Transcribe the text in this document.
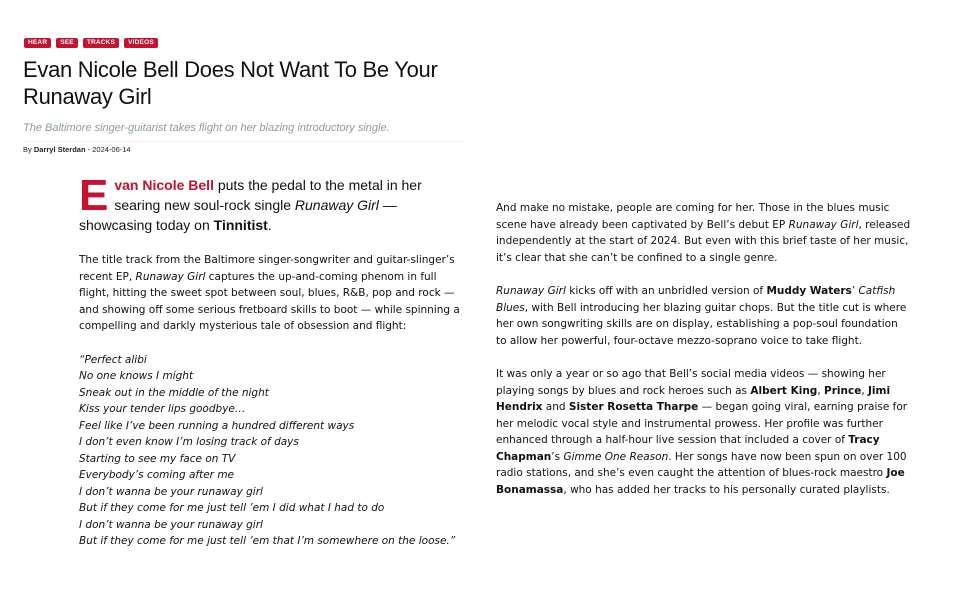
HEAR	SEE	TRACKS	VIDEOS
Evan Nicole Bell Does Not Want To Be Your Runaway Girl
The Baltimore singer-guitarist takes flight on her blazing introductory single.
By Darryl Sterdan - 2024-06-14
Evan Nicole Bell puts the pedal to the metal in her searing new soul-rock single Runaway Girl — showcasing today on Tinnitist.

The title track from the Baltimore singer-songwriter and guitar-slinger’s recent EP, Runaway Girl captures the up-and-coming phenom in full flight, hitting the sweet spot between soul, blues, R&B, pop and rock — and showing off some serious fretboard skills to boot — while spinning a compelling and darkly mysterious tale of obsession and flight:

“Perfect alibi
No one knows I might
Sneak out in the middle of the night
Kiss your tender lips goodbye…
Feel like I’ve been running a hundred different ways
I don’t even know I’m losing track of days
Starting to see my face on TV
Everybody’s coming after me
I don’t wanna be your runaway girl
But if they come for me just tell ’em I did what I had to do
I don’t wanna be your runaway girl
But if they come for me just tell ’em that I’m somewhere on the loose.”

And make no mistake, people are coming for her. Those in the blues music scene have already been captivated by Bell’s debut EP Runaway Girl, released independently at the start of 2024. But even with this brief taste of her music, it’s clear that she can’t be confined to a single genre.

Runaway Girl kicks off with an unbridled version of Muddy Waters’ Catfish Blues, with Bell introducing her blazing guitar chops. But the title cut is where her own songwriting skills are on display, establishing a pop-soul foundation to allow her powerful, four-octave mezzo-soprano voice to take flight.

It was only a year or so ago that Bell’s social media videos — showing her playing songs by blues and rock heroes such as Albert King, Prince, Jimi Hendrix and Sister Rosetta Tharpe — began going viral, earning praise for her melodic vocal style and instrumental prowess. Her profile was further enhanced through a half-hour live session that included a cover of Tracy Chapman’s Gimme One Reason. Her songs have now been spun on over 100 radio stations, and she’s even caught the attention of blues-rock maestro Joe Bonamassa, who has added her tracks to his personally curated playlists.
